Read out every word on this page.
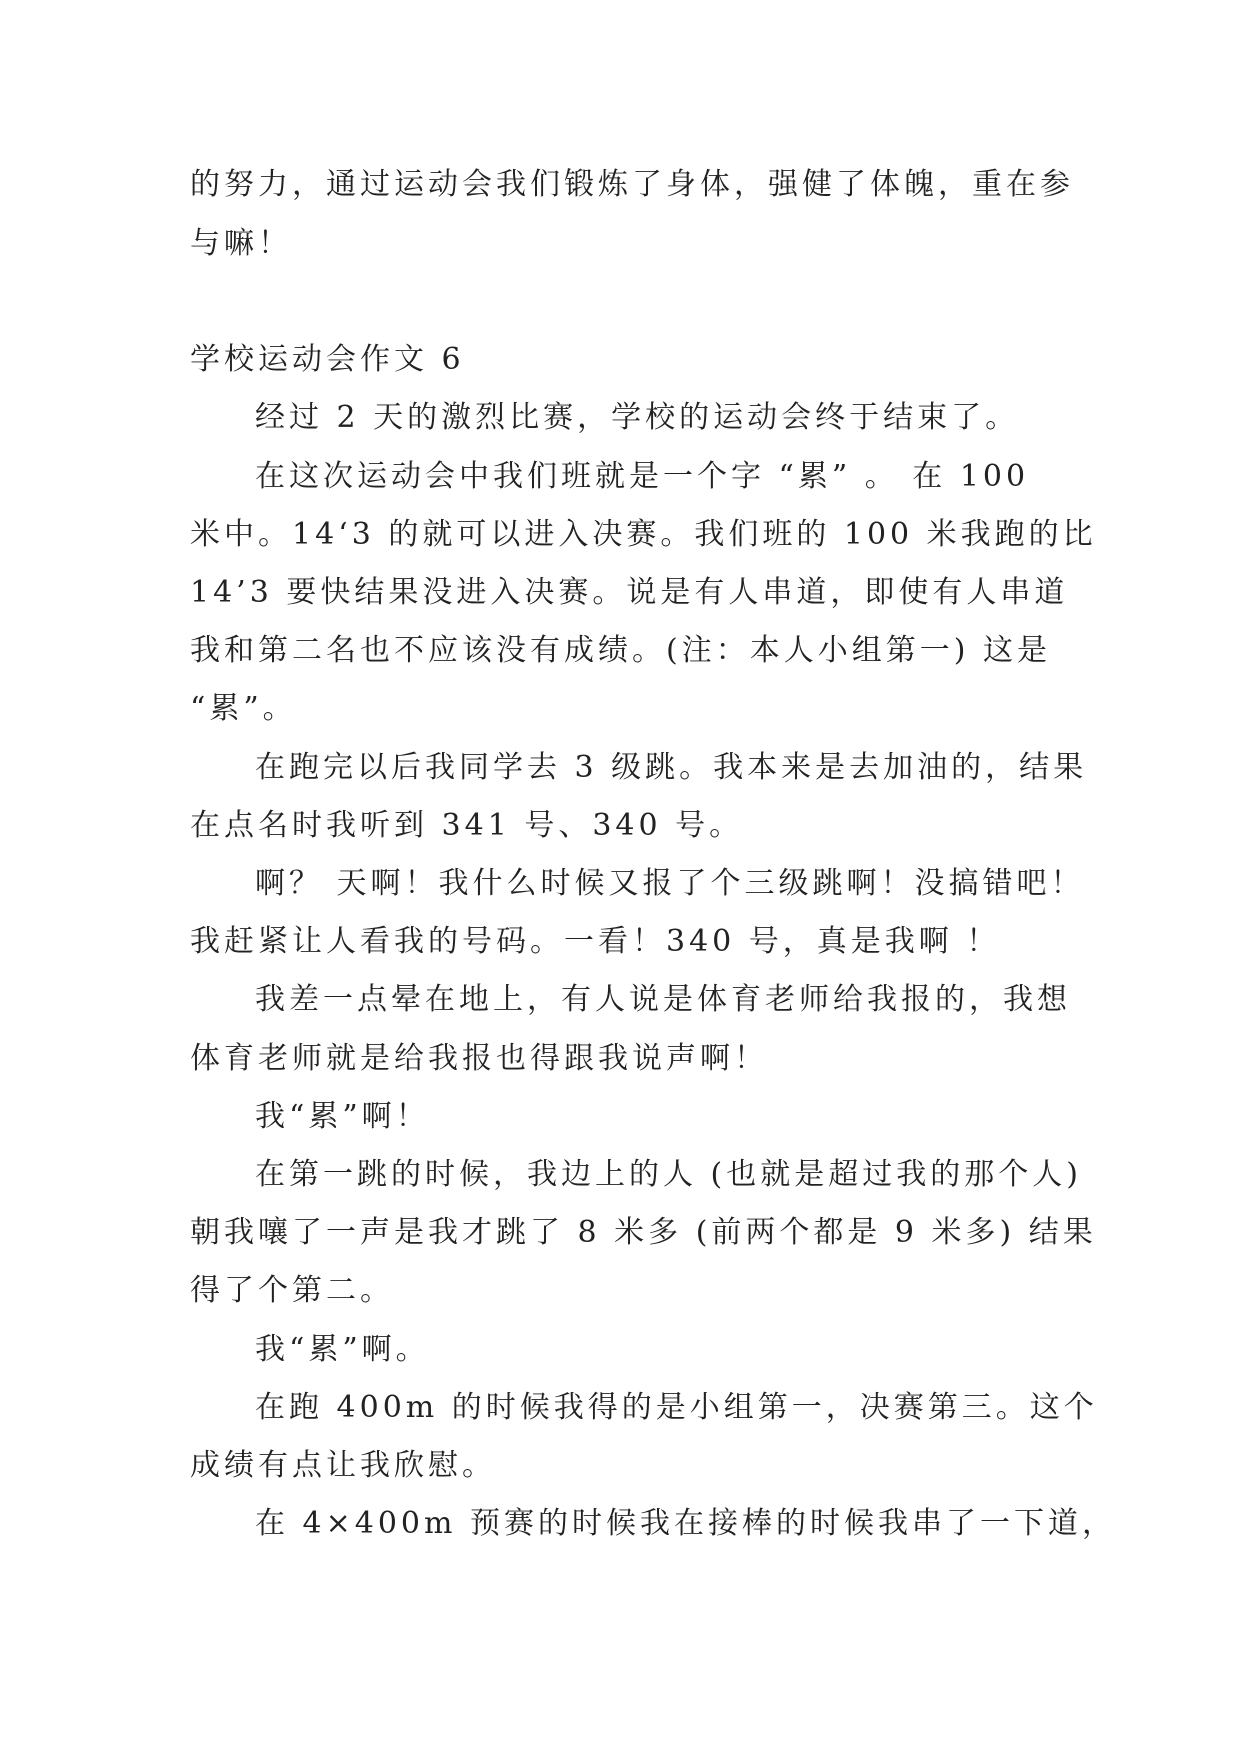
的努力，通过运动会我们锻炼了身体，强健了体魄，重在参
与嘛！
学校运动会作文 6
经过 2 天的激烈比赛，学校的运动会终于结束了。
在这次运动会中我们班就是一个字 “累” 。 在 100
米中。14‘3 的就可以进入决赛。我们班的 100 米我跑的比
14’3 要快结果没进入决赛。说是有人串道，即使有人串道
我和第二名也不应该没有成绩。(注：本人小组第一) 这是
“累”。
在跑完以后我同学去 3 级跳。我本来是去加油的，结果
在点名时我听到 341 号、340 号。
啊？ 天啊！我什么时候又报了个三级跳啊！没搞错吧！
我赶紧让人看我的号码。一看！340 号，真是我啊 ！
我差一点晕在地上，有人说是体育老师给我报的，我想
体育老师就是给我报也得跟我说声啊！
我“累”啊！
在第一跳的时候，我边上的人 (也就是超过我的那个人)
朝我嚷了一声是我才跳了 8 米多 (前两个都是 9 米多) 结果
得了个第二。
我“累”啊。
在跑 400m 的时候我得的是小组第一，决赛第三。这个
成绩有点让我欣慰。
在 4×400m 预赛的时候我在接棒的时候我串了一下道，
